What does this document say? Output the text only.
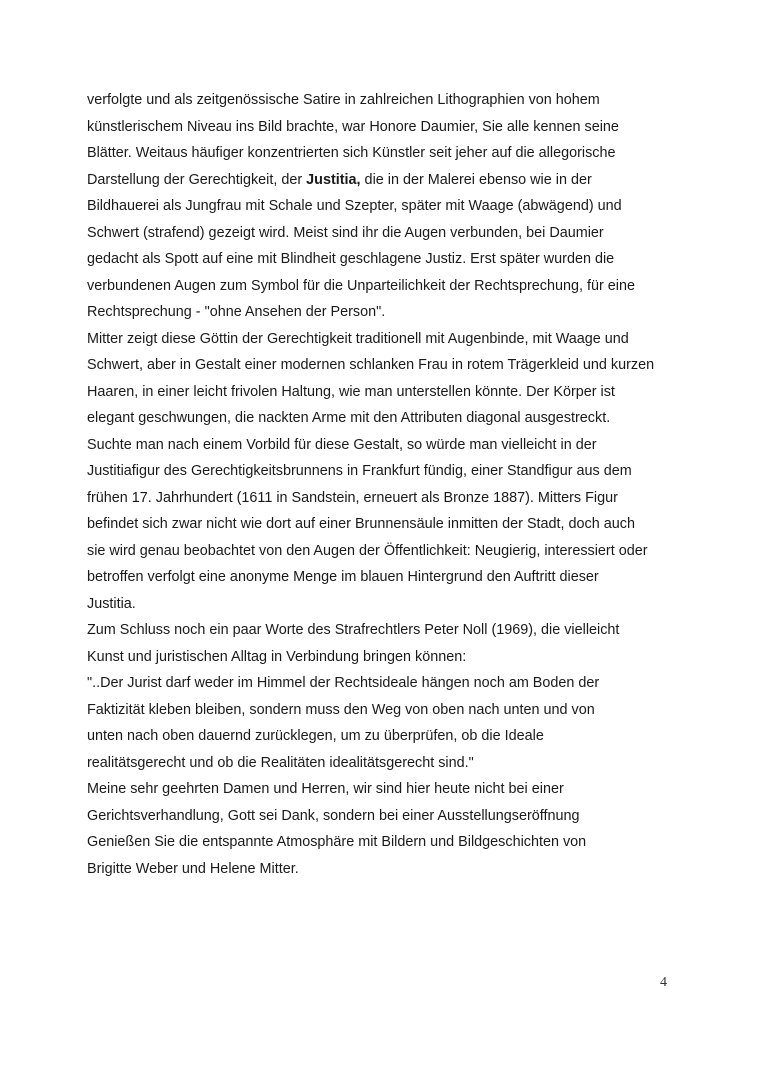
verfolgte und als zeitgenössische Satire in zahlreichen Lithographien von hohem
künstlerischem Niveau ins Bild brachte, war Honore Daumier, Sie alle kennen seine
Blätter. Weitaus häufiger konzentrierten sich Künstler seit jeher auf die allegorische
Darstellung der Gerechtigkeit, der Justitia, die in der Malerei ebenso wie in der
Bildhauerei als Jungfrau mit Schale und Szepter, später mit Waage (abwägend) und
Schwert (strafend) gezeigt wird. Meist sind ihr die Augen verbunden, bei Daumier
gedacht als Spott auf eine mit Blindheit geschlagene Justiz. Erst später wurden die
verbundenen Augen zum Symbol für die Unparteilichkeit der Rechtsprechung, für eine
Rechtsprechung - "ohne Ansehen der Person".
Mitter zeigt diese Göttin der Gerechtigkeit traditionell mit Augenbinde, mit Waage und
Schwert, aber in Gestalt einer modernen schlanken Frau in rotem Trägerkleid und kurzen
Haaren, in einer leicht frivolen Haltung, wie man unterstellen könnte. Der Körper ist
elegant geschwungen, die nackten Arme mit den Attributen diagonal ausgestreckt.
Suchte man nach einem Vorbild für diese Gestalt, so würde man vielleicht in der
Justitiafigur des Gerechtigkeitsbrunnens in Frankfurt fündig, einer Standfigur aus dem
frühen 17. Jahrhundert (1611 in Sandstein, erneuert als Bronze 1887). Mitters Figur
befindet sich zwar nicht wie dort auf einer Brunnensäule inmitten der Stadt, doch auch
sie wird genau beobachtet von den Augen der Öffentlichkeit: Neugierig, interessiert oder
betroffen verfolgt eine anonyme Menge im blauen Hintergrund den Auftritt dieser
Justitia.
Zum Schluss noch ein paar Worte des Strafrechtlers Peter Noll (1969), die vielleicht
Kunst und juristischen Alltag in Verbindung bringen können:
"..Der Jurist darf weder im Himmel der Rechtsideale hängen noch am Boden der
Faktizität kleben bleiben, sondern muss den Weg von oben nach unten und von
unten nach oben dauernd zurücklegen, um zu überprüfen, ob die Ideale
realitätsgerecht und ob die Realitäten idealitätsgerecht sind."
Meine sehr geehrten Damen und Herren, wir sind hier heute nicht bei einer
Gerichtsverhandlung, Gott sei Dank, sondern bei einer Ausstellungseröffnung
Genießen Sie die entspannte Atmosphäre mit Bildern und Bildgeschichten von
Brigitte Weber und Helene Mitter.
4
